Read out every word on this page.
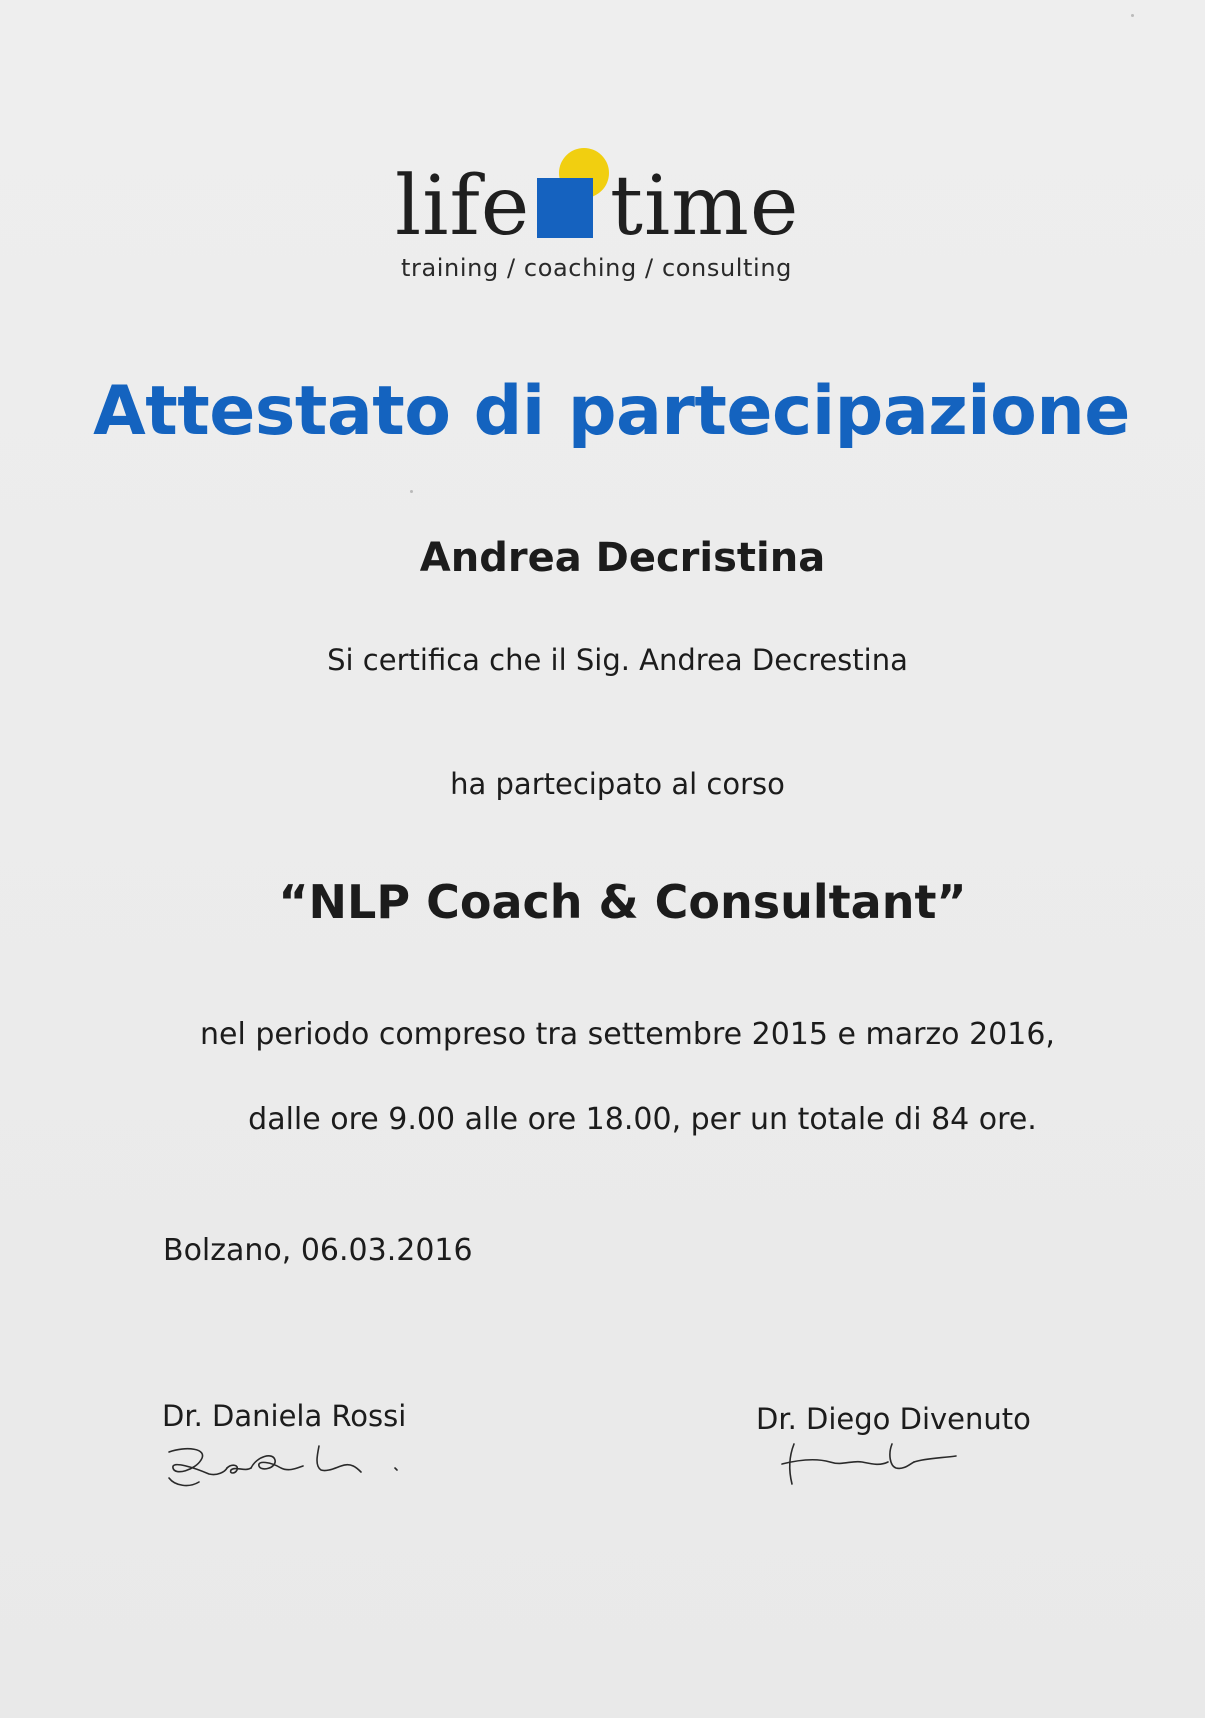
life time
training / coaching / consulting
Attestato di partecipazione
Andrea Decristina
Si certifica che il Sig. Andrea Decrestina
ha partecipato al corso
“NLP Coach & Consultant”
nel periodo compreso tra settembre 2015 e marzo 2016,
dalle ore 9.00 alle ore 18.00, per un totale di 84 ore.
Bolzano, 06.03.2016
Dr. Daniela Rossi	Dr. Diego Divenuto
